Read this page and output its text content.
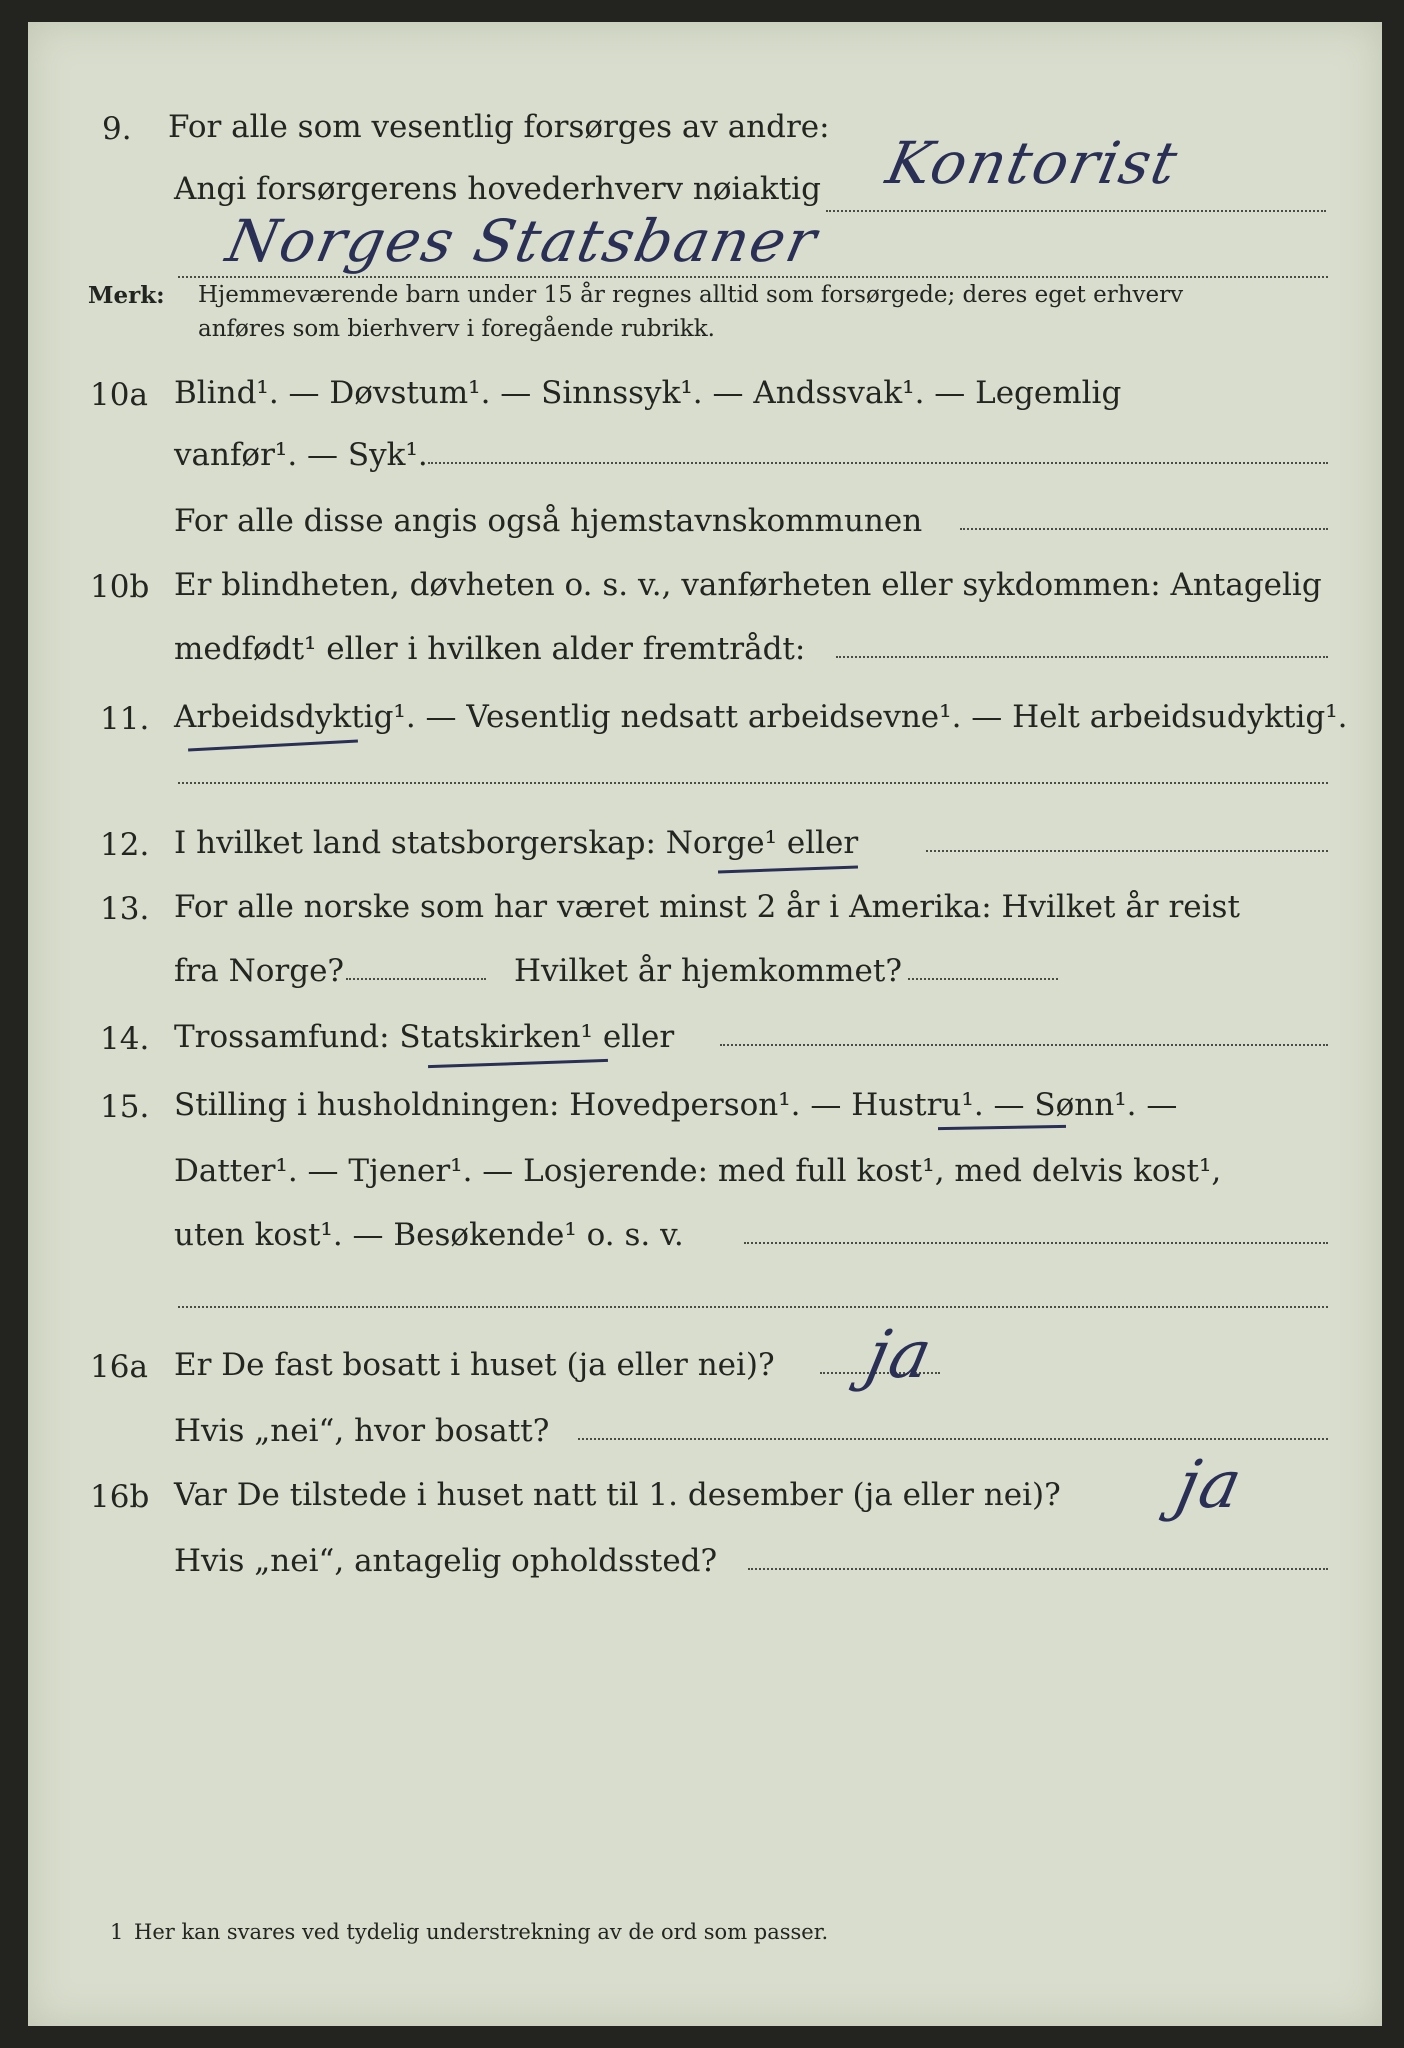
9. For alle som vesentlig forsørges av andre:
Angi forsørgerens hovederhverv nøiaktig Kontorist
Norges Statsbaner
Merk: Hjemmeværende barn under 15 år regnes alltid som forsørgede; deres eget erhverv
anføres som bierhverv i foregående rubrikk.
10a Blind¹. — Døvstum¹. — Sinnssyk¹. — Andssvak¹. — Legemlig
vanfør¹. — Syk¹.
For alle disse angis også hjemstavnskommunen
10b Er blindheten, døvheten o. s. v., vanførheten eller sykdommen: Antagelig
medfødt¹ eller i hvilken alder fremtrådt:
11. Arbeidsdyktig¹. — Vesentlig nedsatt arbeidsevne¹. — Helt arbeidsudyktig¹.
12. I hvilket land statsborgerskap: Norge¹ eller
13. For alle norske som har været minst 2 år i Amerika: Hvilket år reist
fra Norge?	Hvilket år hjemkommet?
14. Trossamfund: Statskirken¹ eller
15. Stilling i husholdningen: Hovedperson¹. — Hustru¹. — Sønn¹. —
Datter¹. — Tjener¹. — Losjerende: med full kost¹, med delvis kost¹,
uten kost¹. — Besøkende¹ o. s. v.
16a Er De fast bosatt i huset (ja eller nei)? ja
Hvis „nei“, hvor bosatt?
16b Var De tilstede i huset natt til 1. desember (ja eller nei)? ja
Hvis „nei“, antagelig opholdssted?
1 Her kan svares ved tydelig understrekning av de ord som passer.
